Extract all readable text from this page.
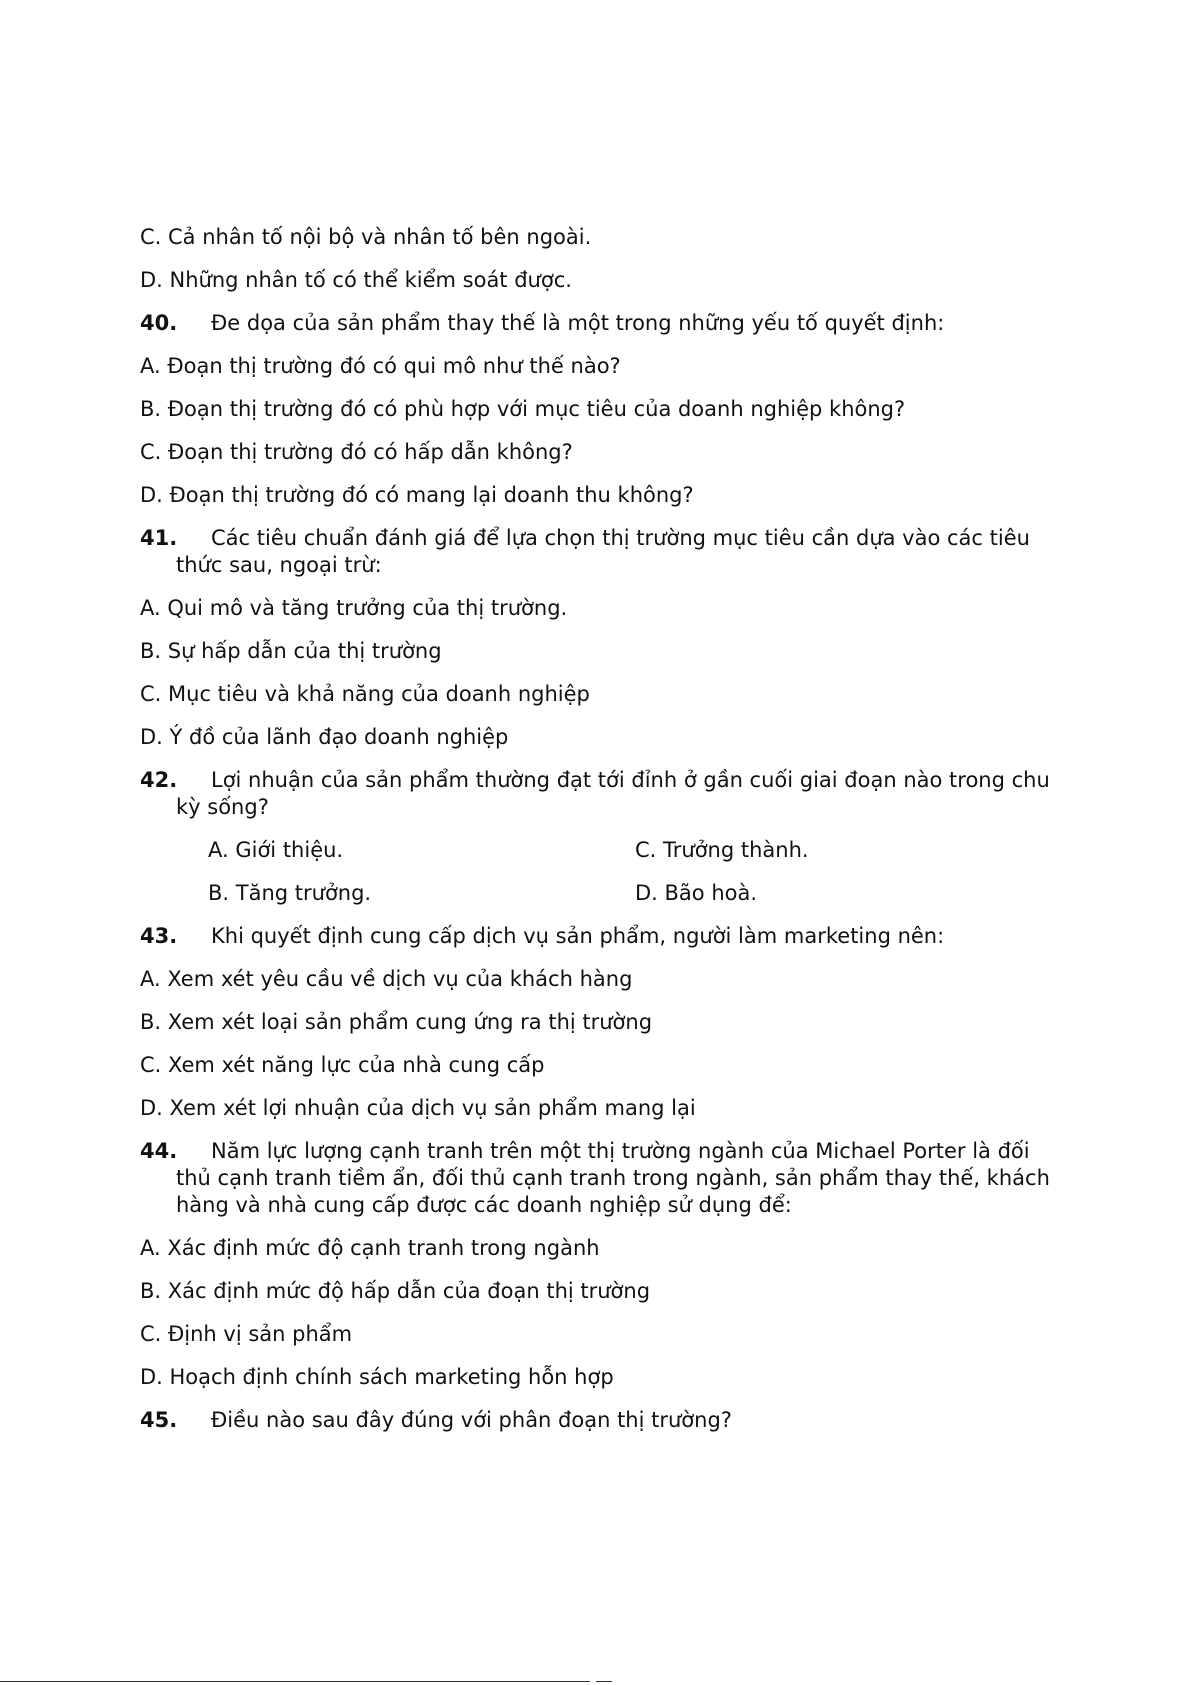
C. Cả nhân tố nội bộ và nhân tố bên ngoài.
D. Những nhân tố có thể kiểm soát được.
40.	Đe dọa của sản phẩm thay thế là một trong những yếu tố quyết định:
A. Đoạn thị trường đó có qui mô như thế nào?
B. Đoạn thị trường đó có phù hợp với mục tiêu của doanh nghiệp không?
C. Đoạn thị trường đó có hấp dẫn không?
D. Đoạn thị trường đó có mang lại doanh thu không?
41.	Các tiêu chuẩn đánh giá để lựa chọn thị trường mục tiêu cần dựa vào các tiêu thức sau, ngoại trừ:
A. Qui mô và tăng trưởng của thị trường.
B. Sự hấp dẫn của thị trường
C. Mục tiêu và khả năng của doanh nghiệp
D. Ý đồ của lãnh đạo doanh nghiệp
42.	Lợi nhuận của sản phẩm thường đạt tới đỉnh ở gần cuối giai đoạn nào trong chu kỳ sống?
A. Giới thiệu.	C. Trưởng thành.
B. Tăng trưởng.	D. Bão hoà.
43.	Khi quyết định cung cấp dịch vụ sản phẩm, người làm marketing nên:
A. Xem xét yêu cầu về dịch vụ của khách hàng
B. Xem xét loại sản phẩm cung ứng ra thị trường
C. Xem xét năng lực của nhà cung cấp
D. Xem xét lợi nhuận của dịch vụ sản phẩm mang lại
44.	Năm lực lượng cạnh tranh trên một thị trường ngành của Michael Porter là đối thủ cạnh tranh tiềm ẩn, đối thủ cạnh tranh trong ngành, sản phẩm thay thế, khách hàng và nhà cung cấp được các doanh nghiệp sử dụng để:
A. Xác định mức độ cạnh tranh trong ngành
B. Xác định mức độ hấp dẫn của đoạn thị trường
C. Định vị sản phẩm
D. Hoạch định chính sách marketing hỗn hợp
45.	Điều nào sau đây đúng với phân đoạn thị trường?
